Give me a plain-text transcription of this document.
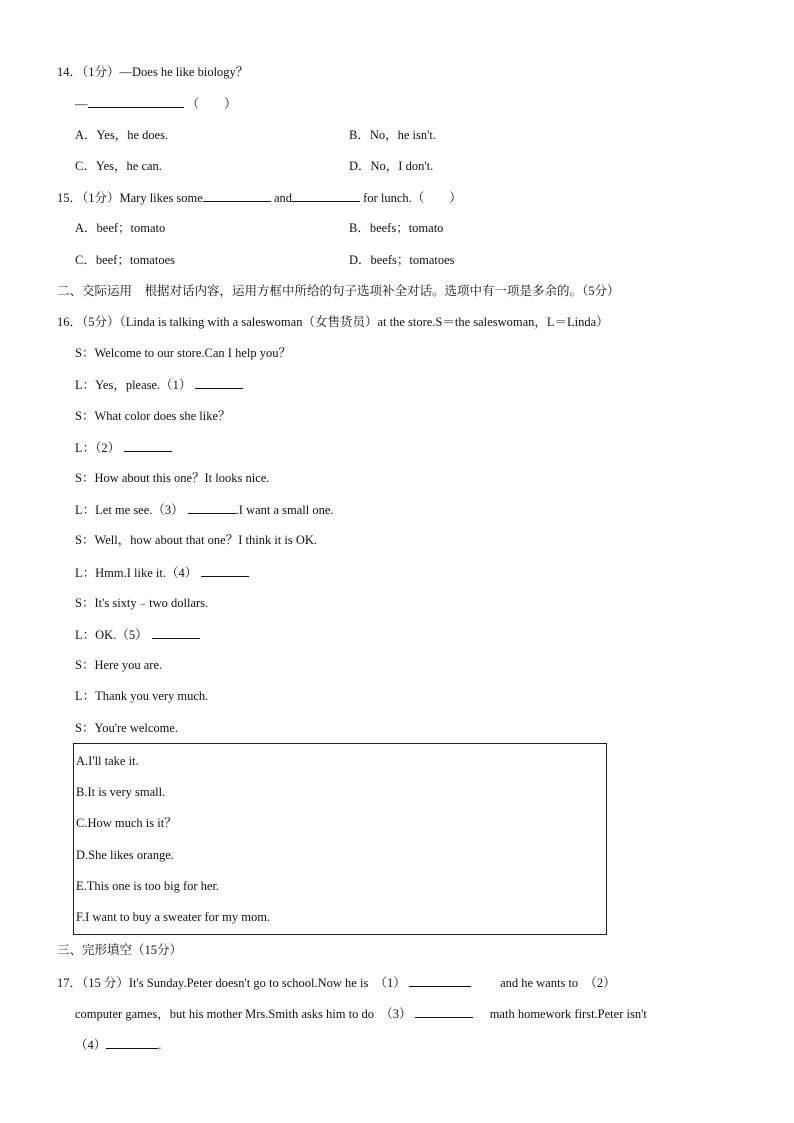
14．（1分）—Does he like biology？
—	（　　）
A．Yes，he does.	B．No，he isn't.
C．Yes，he can.	D．No，I don't.
15．（1分）Mary likes some	and	for lunch.（　　）
A．beef；tomato	B．beefs；tomato
C．beef；tomatoes	D．beefs；tomatoes
二、交际运用　根据对话内容，运用方框中所给的句子选项补全对话。选项中有一项是多余的。（5分）
16．（5分）（Linda is talking with a saleswoman（女售货员）at the store.S＝the saleswoman，L＝Linda）
S：Welcome to our store.Can I help you？
L：Yes，please.（1）
S：What color does she like？
L：（2）
S：How about this one？It looks nice.
L：Let me see.（3）	.I want a small one.
S：Well，how about that one？I think it is OK.
L：Hmm.I like it.（4）
S：It's sixty﹣two dollars.
L：OK.（5）
S：Here you are.
L：Thank you very much.
S：You're welcome.
A.I'll take it.
B.It is very small.
C.How much is it？
D.She likes orange.
E.This one is too big for her.
F.I want to buy a sweater for my mom.
三、完形填空（15分）
17．（15 分）It's Sunday.Peter doesn't go to school.Now he is　（1）	and he wants to　（2）
computer games，but his mother Mrs.Smith asks him to do　（3）	math homework first.Peter isn't
（4）	.
